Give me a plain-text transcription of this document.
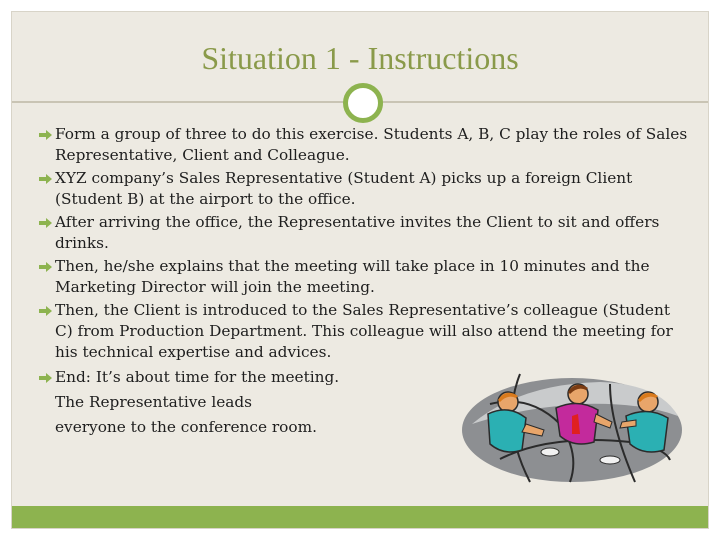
Situation 1 - Instructions
Form a group of three to do this exercise. Students A, B, C play the roles of Sales Representative, Client and Colleague.
XYZ company’s Sales Representative (Student A) picks up a foreign Client (Student B) at the airport to the office.
After arriving the office, the Representative invites the Client to sit and offers drinks.
Then, he/she explains that the meeting will take place in 10 minutes and the Marketing Director will join the meeting.
Then, the Client is introduced to the Sales Representative’s colleague (Student C) from Production Department. This colleague will also attend the meeting for his technical expertise and advices.
End: It’s about time for the meeting.
The Representative leads
everyone to the conference room.
